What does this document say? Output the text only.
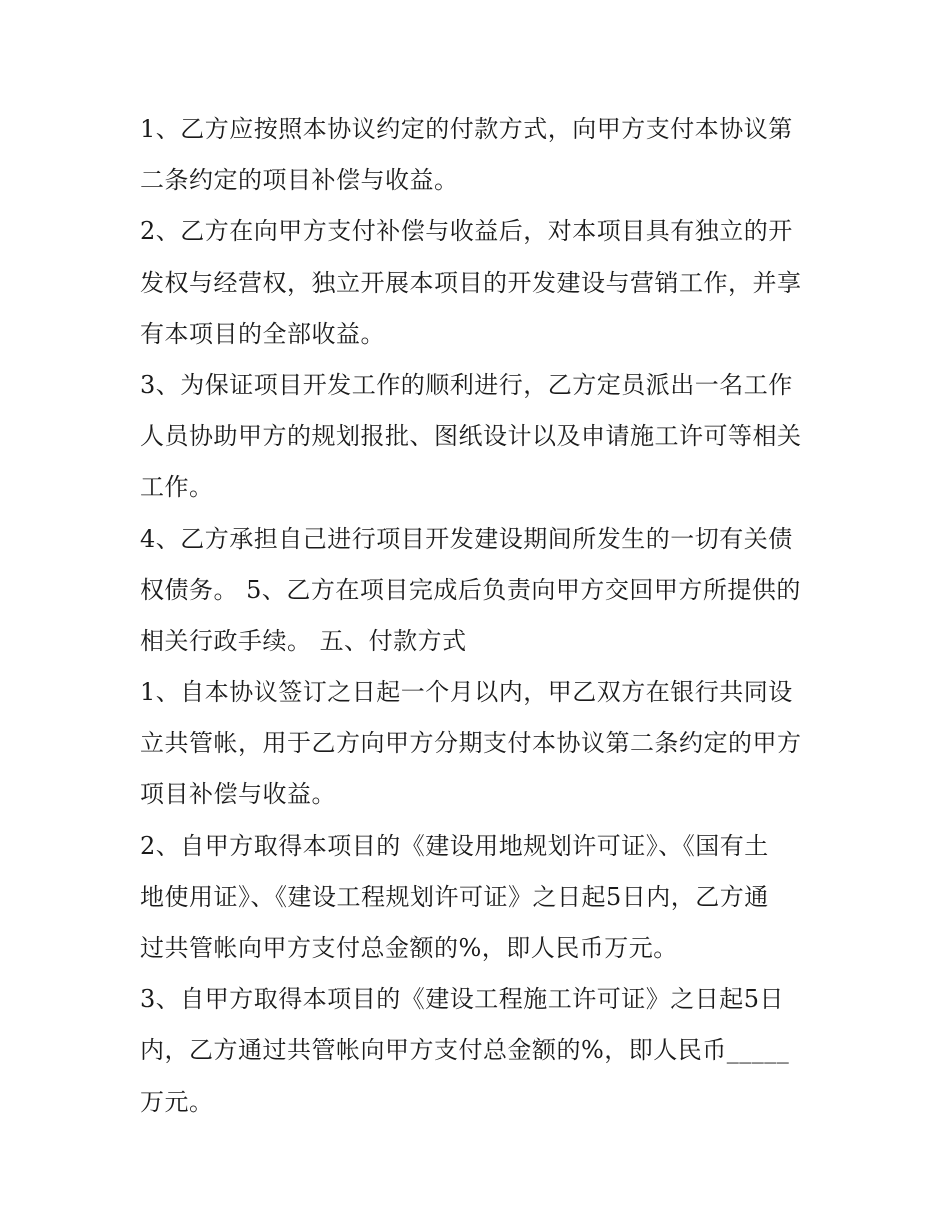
1、乙方应按照本协议约定的付款方式，向甲方支付本协议第
二条约定的项目补偿与收益。
2、乙方在向甲方支付补偿与收益后，对本项目具有独立的开
发权与经营权，独立开展本项目的开发建设与营销工作，并享
有本项目的全部收益。
3、为保证项目开发工作的顺利进行，乙方定员派出一名工作
人员协助甲方的规划报批、图纸设计以及申请施工许可等相关
工作。
4、乙方承担自己进行项目开发建设期间所发生的一切有关债
权债务。 5、乙方在项目完成后负责向甲方交回甲方所提供的
相关行政手续。 五、付款方式
1、自本协议签订之日起一个月以内，甲乙双方在银行共同设
立共管帐，用于乙方向甲方分期支付本协议第二条约定的甲方
项目补偿与收益。
2、自甲方取得本项目的《建设用地规划许可证》、《国有土
地使用证》、《建设工程规划许可证》之日起5日内，乙方通
过共管帐向甲方支付总金额的%，即人民币万元。
3、自甲方取得本项目的《建设工程施工许可证》之日起5日
内，乙方通过共管帐向甲方支付总金额的%，即人民币_____
万元。
